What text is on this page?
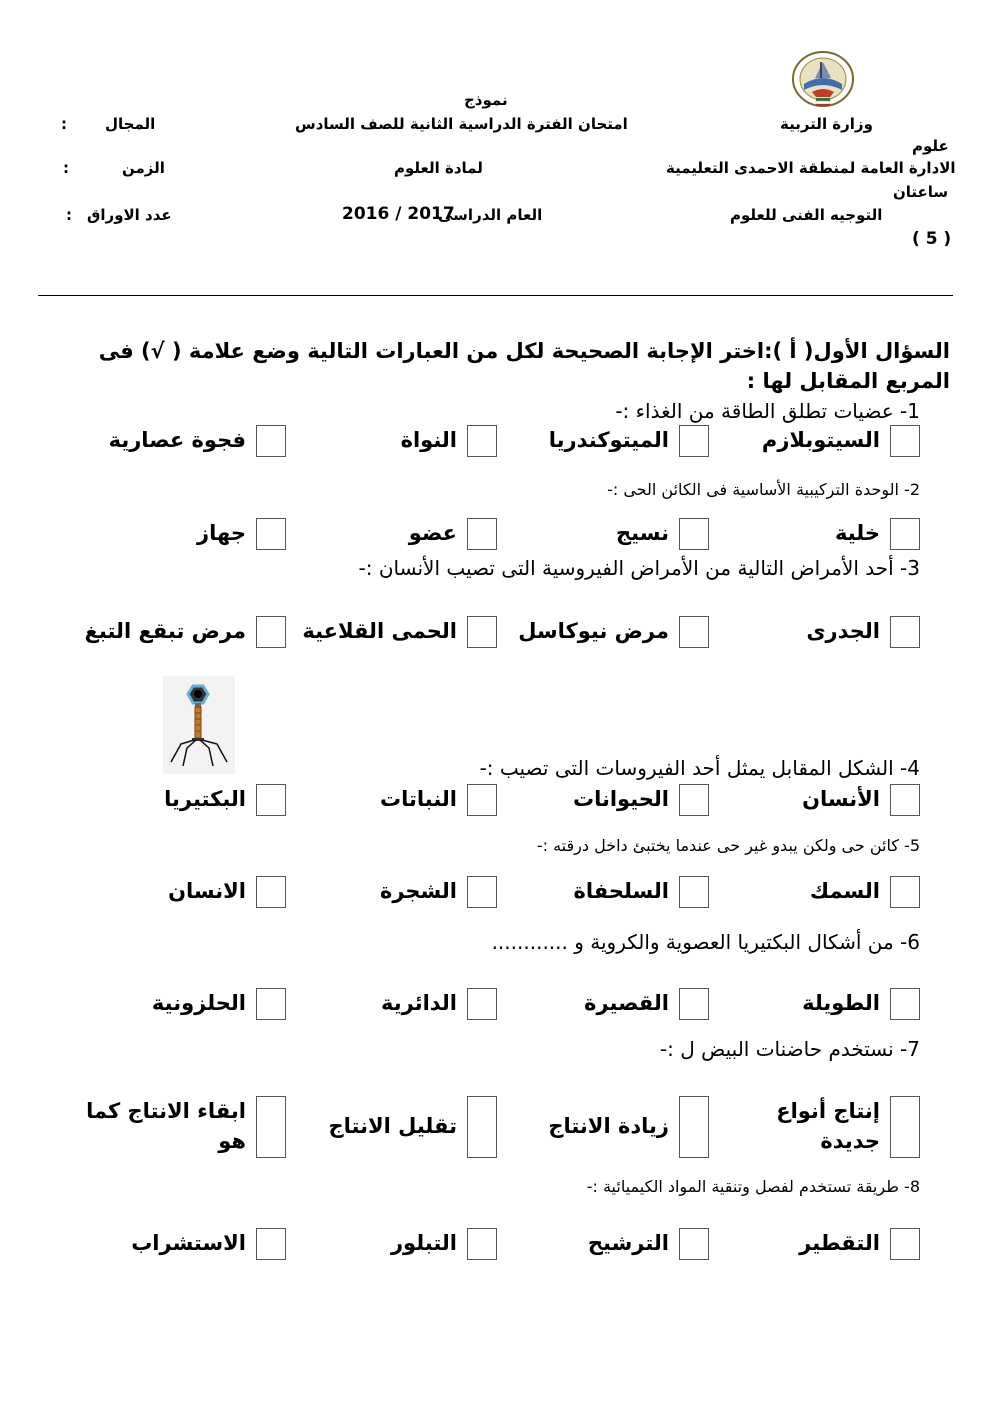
نموذج
وزارة التربية
امتحان الفترة الدراسية الثانية للصف السادس
المجال
:
علوم
الادارة العامة لمنطقة الاحمدى التعليمية
لمادة العلوم
الزمن
:
ساعتان
التوجيه الفنى للعلوم
العام الدراسى
2016 / 2017
عدد الاوراق
:
( 5 )
السؤال الأول( أ ):اختر الإجابة الصحيحة لكل من العبارات التالية وضع علامة ( √) فى المربع المقابل لها :
1- عضيات تطلق الطاقة من الغذاء :-
السيتوبلازم
الميتوكندريا
النواة
فجوة عصارية
2- الوحدة التركيبية الأساسية فى الكائن الحى :-
خلية
نسيج
عضو
جهاز
3- أحد الأمراض التالية من الأمراض الفيروسية التى تصيب الأنسان :-
الجدرى
مرض نيوكاسل
الحمى القلاعية
مرض تبقع التبغ
4- الشكل المقابل يمثل أحد الفيروسات التى تصيب :-
الأنسان
الحيوانات
النباتات
البكتيريا
5- كائن حى ولكن يبدو غير حى عندما يختبئ داخل درقته :-
السمك
السلحفاة
الشجرة
الانسان
6- من أشكال البكتيريا العصوية والكروية و ............
الطويلة
القصيرة
الدائرية
الحلزونية
7- نستخدم حاضنات البيض ل :-
إنتاج أنواع جديدة
زيادة الانتاج
تقليل الانتاج
ابقاء الانتاج كما هو
8- طريقة تستخدم لفصل وتنقية المواد الكيميائية :-
التقطير
الترشيح
التبلور
الاستشراب
